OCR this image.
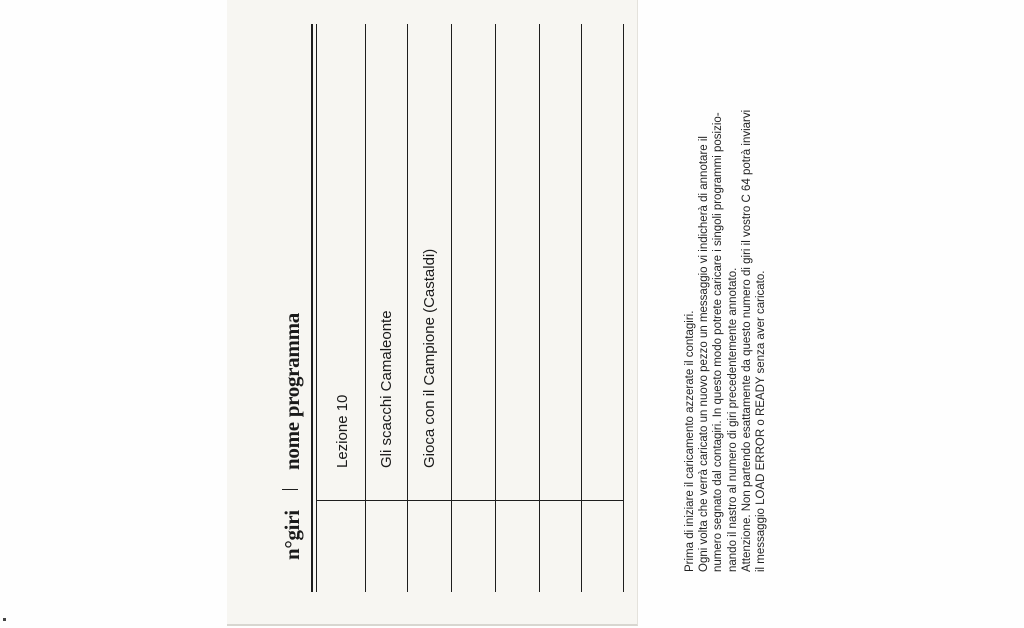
n°giri
nome programma Lezione 10 Gli scacchi Camaleonte Gioca con il Campione (Castaldi)	Prima di iniziare il caricamento azzerate il contagiri. Ogni volta che verrà caricato un nuovo pezzo un messaggio vi indicherà di annotare il numero segnato dal contagiri. In questo modo potrete caricare i singoli programmi posizio- nando il nastro al numero di giri precedentemente annotato. Attenzione. Non partendo esattamente da questo numero di giri il vostro C 64 potrà inviarvi il messaggio LOAD ERROR o READY senza aver caricato.
